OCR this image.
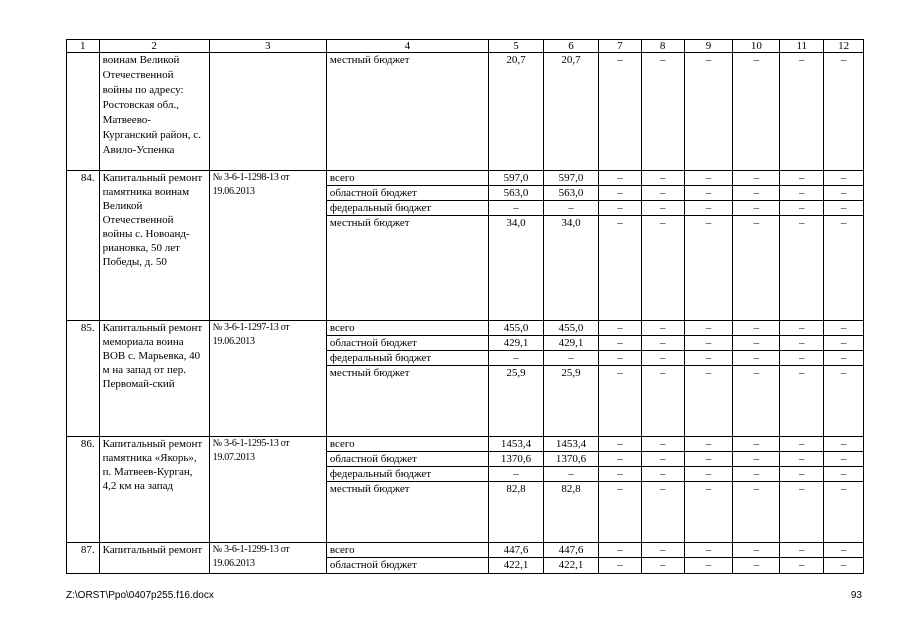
1	2	3	4	5	6	7	8	9	10	11	12
	воинам Великой Отечественной войны по адресу: Ростовская обл., Матвеево-Курганский район, с. Авило-Успенка		местный бюджет	20,7	20,7	–	–	–	–	–	–
84.	Капитальный ремонт памятника воинам Великой Отечественной войны с. Новоанд-риановка, 50 лет Победы, д. 50	№ 3-6-1-1298-13 от 19.06.2013	всего	597,0	597,0	–	–	–	–	–	–
			областной бюджет	563,0	563,0	–	–	–	–	–	–
			федеральный бюджет	–	–	–	–	–	–	–	–
			местный бюджет	34,0	34,0	–	–	–	–	–	–
85.	Капитальный ремонт мемориала воина ВОВ с. Марьевка, 40 м на запад от пер. Первомай-ский	№ 3-6-1-1297-13 от 19.06.2013	всего	455,0	455,0	–	–	–	–	–	–
			областной бюджет	429,1	429,1	–	–	–	–	–	–
			федеральный бюджет	–	–	–	–	–	–	–	–
			местный бюджет	25,9	25,9	–	–	–	–	–	–
86.	Капитальный ремонт памятника «Якорь», п. Матвеев-Курган, 4,2 км на запад	№ 3-6-1-1295-13 от 19.07.2013	всего	1453,4	1453,4	–	–	–	–	–	–
			областной бюджет	1370,6	1370,6	–	–	–	–	–	–
			федеральный бюджет	–	–	–	–	–	–	–	–
			местный бюджет	82,8	82,8	–	–	–	–	–	–
87.	Капитальный ремонт	№ 3-6-1-1299-13 от 19.06.2013	всего	447,6	447,6	–	–	–	–	–	–
			областной бюджет	422,1	422,1	–	–	–	–	–	–
Z:\ORST\Ppo\0407p255.f16.docx	93
